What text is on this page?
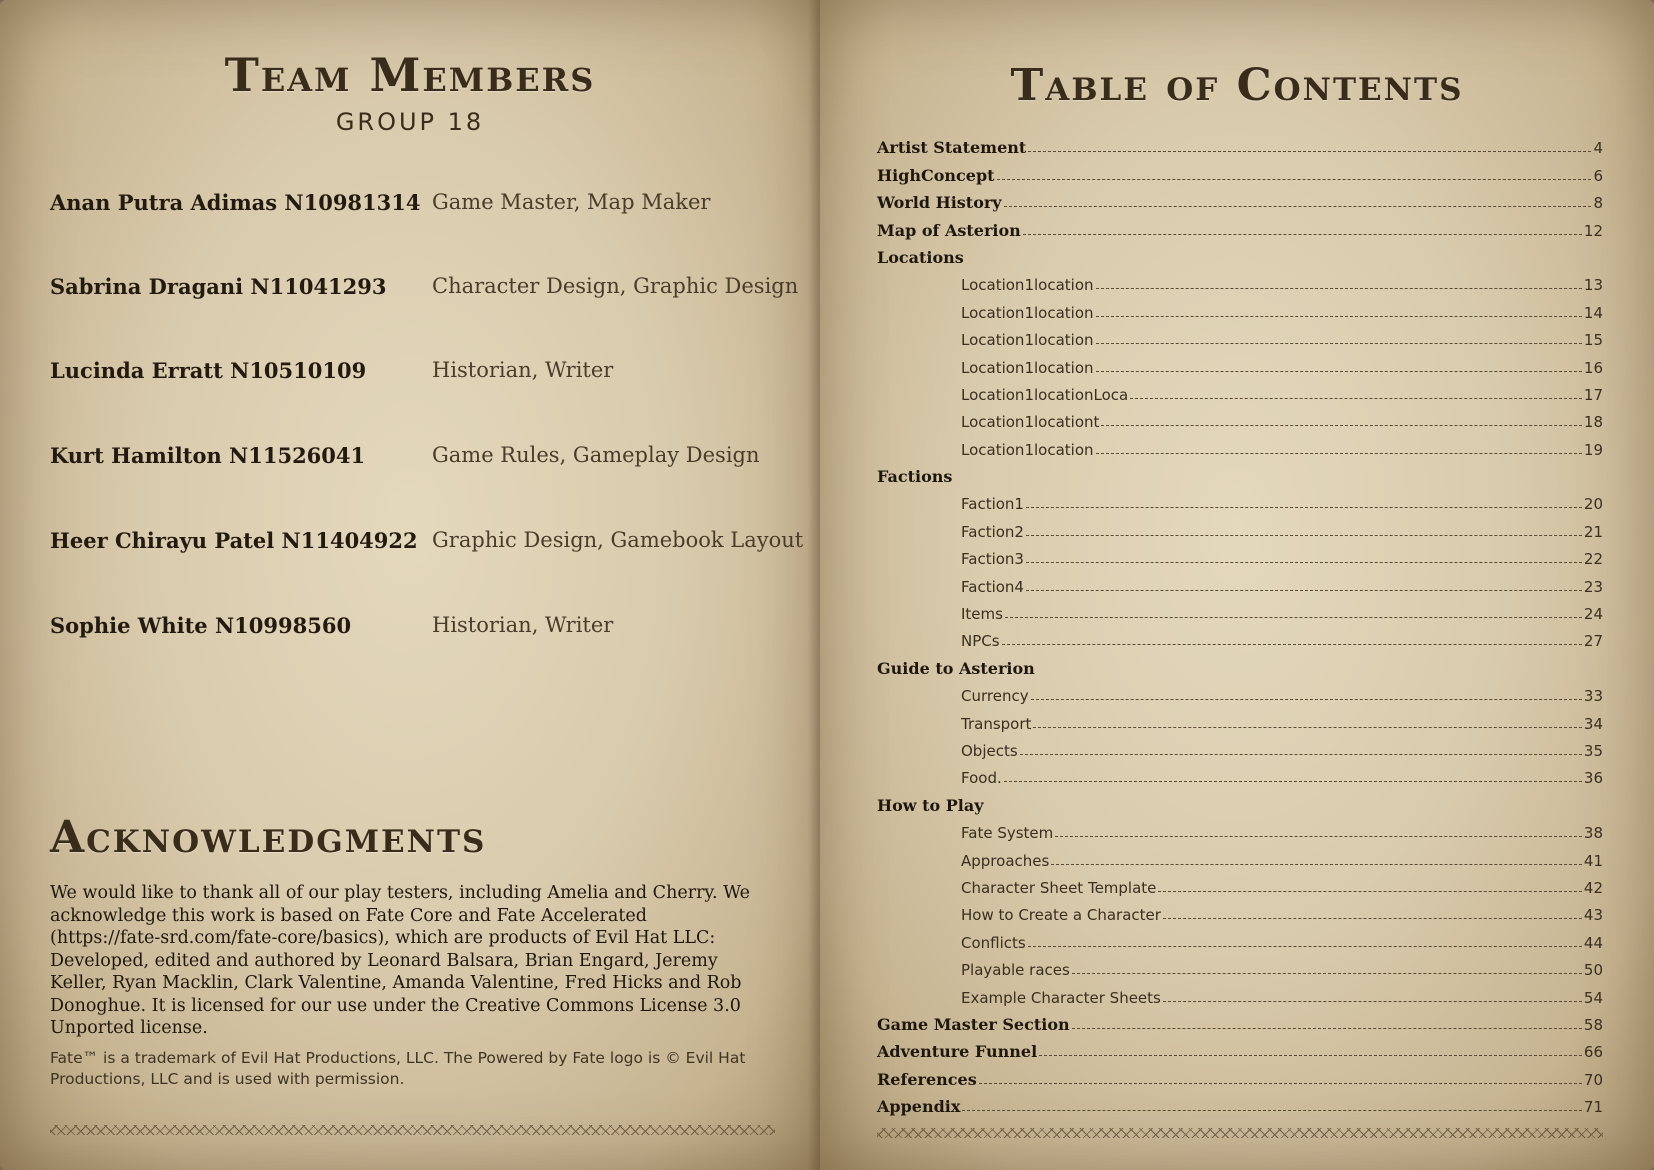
Team Members
GROUP 18
Anan Putra Adimas N10981314 Game Master, Map Maker
Sabrina Dragani N11041293 Character Design, Graphic Design
Lucinda Erratt N10510109	Historian, Writer
Kurt Hamilton N11526041	Game Rules, Gameplay Design
Heer Chirayu Patel N11404922 Graphic Design, Gamebook Layout
Sophie White N10998560	Historian, Writer
Acknowledgments

We would like to thank all of our play testers, including Amelia and Cherry. We acknowledge this work is based on Fate Core and Fate Accelerated (https://fate-srd.com/fate-core/basics), which are products of Evil Hat LLC: Developed, edited and authored by Leonard Balsara, Brian Engard, Jeremy Keller, Ryan Macklin, Clark Valentine, Amanda Valentine, Fred Hicks and Rob Donoghue. It is licensed for our use under the Creative Commons License 3.0 Unported license.

Fate™ is a trademark of Evil Hat Productions, LLC. The Powered by Fate logo is © Evil Hat Productions, LLC and is used with permission.

Table of Contents
Artist Statement	4
HighConcept	6
World History	8
Map of Asterion	12
Locations
Location1location	13
Location1location	14
Location1location	15
Location1location	16
Location1locationLoca	17
Location1locationt	18
Location1location	19
Factions
Faction1	20
Faction2	21
Faction3	22
Faction4	23
Items	24
NPCs	27
Guide to Asterion
Currency	33
Transport	34
Objects	35
Food.	36
How to Play
Fate System	38
Approaches	41
Character Sheet Template	42
How to Create a Character	43
Conflicts	44
Playable races	50
Example Character Sheets	54
Game Master Section	58
Adventure Funnel	66
References	70
Appendix	71
